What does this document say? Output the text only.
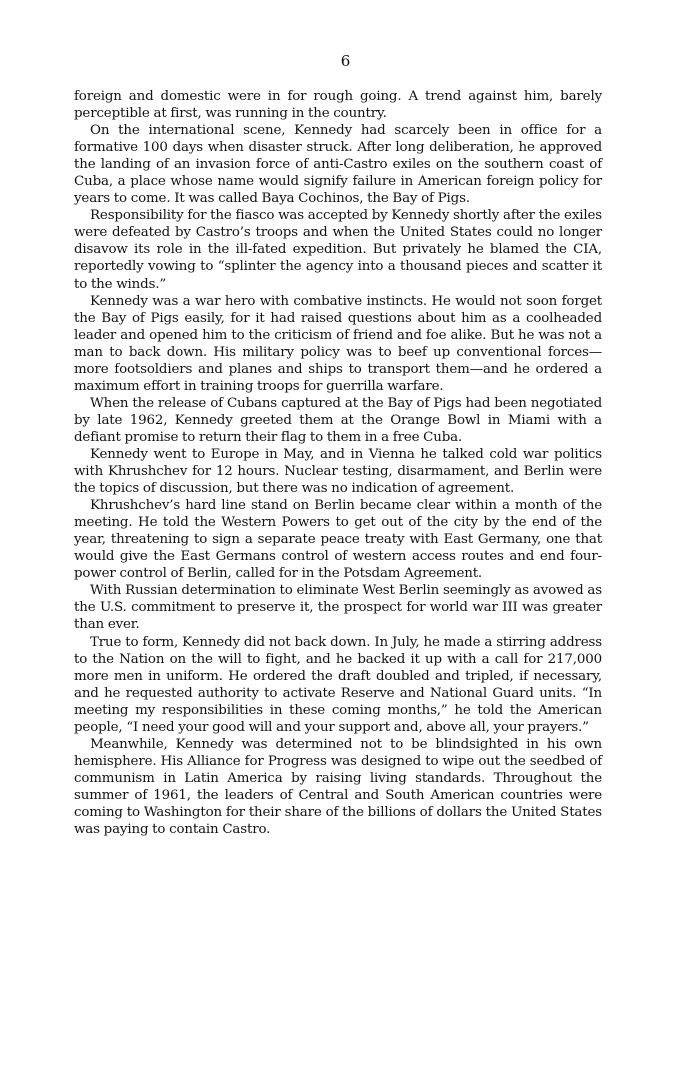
6

foreign and domestic were in for rough going. A trend against him, barely perceptible at first, was running in the country.

On the international scene, Kennedy had scarcely been in office for a formative 100 days when disaster struck. After long deliberation, he approved the landing of an invasion force of anti-Castro exiles on the southern coast of Cuba, a place whose name would signify failure in American foreign policy for years to come. It was called Baya Cochinos, the Bay of Pigs.

Responsibility for the fiasco was accepted by Kennedy shortly after the exiles were defeated by Castro’s troops and when the United States could no longer disavow its role in the ill-fated expedition. But privately he blamed the CIA, reportedly vowing to “splinter the agency into a thousand pieces and scatter it to the winds.”

Kennedy was a war hero with combative instincts. He would not soon forget the Bay of Pigs easily, for it had raised questions about him as a coolheaded leader and opened him to the criticism of friend and foe alike. But he was not a man to back down. His military policy was to beef up conventional forces—more footsoldiers and planes and ships to transport them—and he ordered a maximum effort in training troops for guerrilla warfare.

When the release of Cubans captured at the Bay of Pigs had been negotiated by late 1962, Kennedy greeted them at the Orange Bowl in Miami with a defiant promise to return their flag to them in a free Cuba.

Kennedy went to Europe in May, and in Vienna he talked cold war politics with Khrushchev for 12 hours. Nuclear testing, disarmament, and Berlin were the topics of discussion, but there was no indication of agreement.

Khrushchev’s hard line stand on Berlin became clear within a month of the meeting. He told the Western Powers to get out of the city by the end of the year, threatening to sign a separate peace treaty with East Germany, one that would give the East Germans control of western access routes and end four-power control of Berlin, called for in the Potsdam Agreement.

With Russian determination to eliminate West Berlin seemingly as avowed as the U.S. commitment to preserve it, the prospect for world war III was greater than ever.

True to form, Kennedy did not back down. In July, he made a stirring address to the Nation on the will to fight, and he backed it up with a call for 217,000 more men in uniform. He ordered the draft doubled and tripled, if necessary, and he requested authority to activate Reserve and National Guard units. “In meeting my responsibilities in these coming months,” he told the American people, “I need your good will and your support and, above all, your prayers.”

Meanwhile, Kennedy was determined not to be blindsighted in his own hemisphere. His Alliance for Progress was designed to wipe out the seedbed of communism in Latin America by raising living standards. Throughout the summer of 1961, the leaders of Central and South American countries were coming to Washington for their share of the billions of dollars the United States was paying to contain Castro.
